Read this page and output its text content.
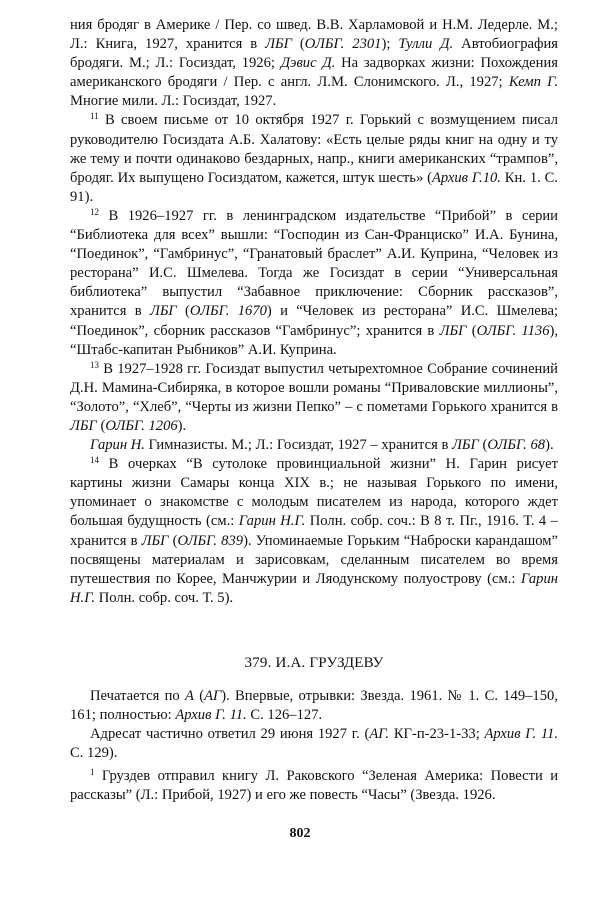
ния бродяг в Америке / Пер. со швед. В.В. Харламовой и Н.М. Ледерле. М.; Л.: Книга, 1927, хранится в ЛБГ (ОЛБГ. 2301); Тулли Д. Автобиография бродяги. М.; Л.: Госиздат, 1926; Дэвис Д. На задворках жизни: Похождения американского бродяги / Пер. с англ. Л.М. Слонимского. Л., 1927; Кемп Г. Многие мили. Л.: Госиздат, 1927.

$^{11}$ В своем письме от 10 октября 1927 г. Горький с возмущением писал руководителю Госиздата А.Б. Халатову: «Есть целые ряды книг на одну и ту же тему и почти одинаково бездарных, напр., книги американских “трампов”, бродяг. Их выпущено Госиздатом, кажется, штук шесть» (Архив Г.10. Кн. 1. С. 91).

$^{12}$ В 1926–1927 гг. в ленинградском издательстве “Прибой” в серии “Библиотека для всех” вышли: “Господин из Сан-Франциско” И.А. Бунина, “Поединок”, “Гамбринус”, “Гранатовый браслет” А.И. Куприна, “Человек из ресторана” И.С. Шмелева. Тогда же Госиздат в серии “Универсальная библиотека” выпустил “Забавное приключение: Сборник рассказов”, хранится в ЛБГ (ОЛБГ. 1670) и “Человек из ресторана” И.С. Шмелева; “Поединок”, сборник рассказов “Гамбринус”; хранится в ЛБГ (ОЛБГ. 1136), “Штабс-капитан Рыбников” А.И. Куприна.

$^{13}$ В 1927–1928 гг. Госиздат выпустил четырехтомное Собрание сочинений Д.Н. Мамина-Сибиряка, в которое вошли романы “Приваловские миллионы”, “Золото”, “Хлеб”, “Черты из жизни Пепко” – с пометами Горького хранится в ЛБГ (ОЛБГ. 1206).

Гарин Н. Гимназисты. М.; Л.: Госиздат, 1927 – хранится в ЛБГ (ОЛБГ. 68).

$^{14}$ В очерках “В сутолоке провинциальной жизни” Н. Гарин рисует картины жизни Самары конца XIX в.; не называя Горького по имени, упоминает о знакомстве с молодым писателем из народа, которого ждет большая будущность (см.: Гарин Н.Г. Полн. собр. соч.: В 8 т. Пг., 1916. Т. 4 – хранится в ЛБГ (ОЛБГ. 839). Упоминаемые Горьким “Наброски карандашом” посвящены материалам и зарисовкам, сделанным писателем во время путешествия по Корее, Манчжурии и Ляодунскому полуострову (см.: Гарин Н.Г. Полн. собр. соч. Т. 5).

379. И.А. ГРУЗДЕВУ

Печатается по А (АГ). Впервые, отрывки: Звезда. 1961. № 1. С. 149–150, 161; полностью: Архив Г. 11. С. 126–127.

Адресат частично ответил 29 июня 1927 г. (АГ. КГ-п-23-1-33; Архив Г. 11. С. 129).

$^1$ Груздев отправил книгу Л. Раковского “Зеленая Америка: Повести и рассказы” (Л.: Прибой, 1927) и его же повесть “Часы” (Звезда. 1926.

802
